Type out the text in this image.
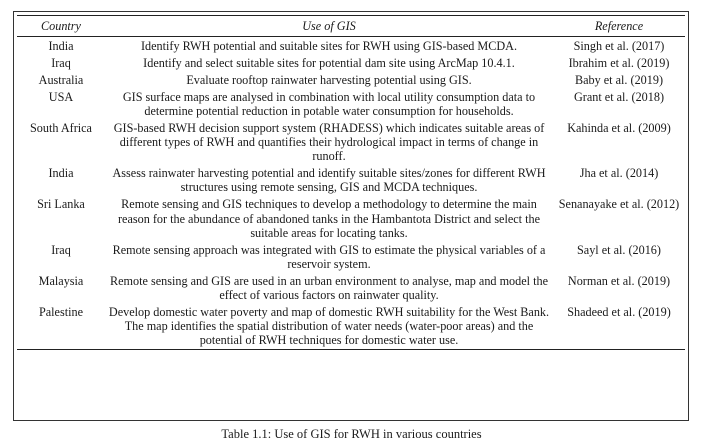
Country	Use of GIS	Reference
India	Identify RWH potential and suitable sites for RWH using GIS-based MCDA.	Singh et al. (2017)
Iraq	Identify and select suitable sites for potential dam site using ArcMap 10.4.1.	Ibrahim et al. (2019)
Australia	Evaluate rooftop rainwater harvesting potential using GIS.	Baby et al. (2019)
USA	GIS surface maps are analysed in combination with local utility consumption data to determine potential reduction in potable water consumption for households.	Grant et al. (2018)
South Africa	GIS-based RWH decision support system (RHADESS) which indicates suitable areas of different types of RWH and quantifies their hydrological impact in terms of change in runoff.	Kahinda et al. (2009)
India	Assess rainwater harvesting potential and identify suitable sites/zones for different RWH structures using remote sensing, GIS and MCDA techniques.	Jha et al. (2014)
Sri Lanka	Remote sensing and GIS techniques to develop a methodology to determine the main reason for the abundance of abandoned tanks in the Hambantota District and select the suitable areas for locating tanks.	Senanayake et al. (2012)
Iraq	Remote sensing approach was integrated with GIS to estimate the physical variables of a reservoir system.	Sayl et al. (2016)
Malaysia	Remote sensing and GIS are used in an urban environment to analyse, map and model the effect of various factors on rainwater quality.	Norman et al. (2019)
Palestine	Develop domestic water poverty and map of domestic RWH suitability for the West Bank. The map identifies the spatial distribution of water needs (water-poor areas) and the potential of RWH techniques for domestic water use.	Shadeed et al. (2019)
Table 1.1: Use of GIS for RWH in various countries
